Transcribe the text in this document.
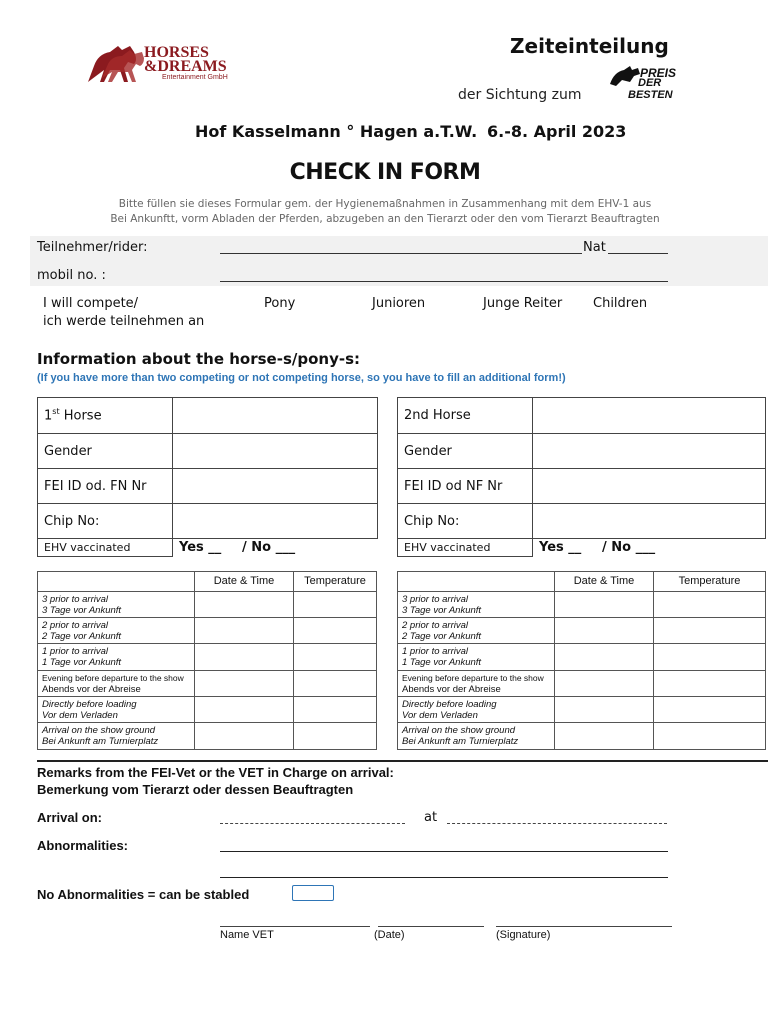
HORSES
&DREAMS
Entertainment GmbH
Zeiteinteilung
der Sichtung zum
PREIS
DER
BESTEN
Hof Kasselmann ° Hagen a.T.W. 6.-8. April 2023
CHECK IN FORM
Bitte füllen sie dieses Formular gem. der Hygienemaßnahmen in Zusammenhang mit dem EHV-1 aus
Bei Ankunftt, vorm Abladen der Pferden, abzugeben an den Tierarzt oder den vom Tierarzt Beauftragten
Teilnehmer/rider:	Nat
mobil no. :
I will compete/
ich werde teilnehmen an
Pony	Junioren	Junge Reiter Children
Information about the horse-s/pony-s:
(If you have more than two competing or not competing horse, so you have to fill an additional form!)
1st Horse	
Gender	
FEI ID od. FN Nr	
Chip No:	
EHV vaccinated	Yes __ / No ___
2nd Horse	
Gender	
FEI ID od NF Nr	
Chip No:	
EHV vaccinated	Yes __ / No ___
	Date & Time	Temperature

3 prior to arrival
3 Tage vor Ankunft		

2 prior to arrival
2 Tage vor Ankunft		

1 prior to arrival
1 Tage vor Ankunft		

Evening before departure to the show
Abends vor der Abreise		

Directly before loading
Vor dem Verladen		

Arrival on the show ground
Bei Ankunft am Turnierplatz		

	Date & Time	Temperature

3 prior to arrival
3 Tage vor Ankunft		

2 prior to arrival
2 Tage vor Ankunft		

1 prior to arrival
1 Tage vor Ankunft		

Evening before departure to the show
Abends vor der Abreise		

Directly before loading
Vor dem Verladen		

Arrival on the show ground
Bei Ankunft am Turnierplatz		

Remarks from the FEI-Vet or the VET in Charge on arrival:
Bemerkung vom Tierarzt oder dessen Beauftragten
Arrival on:	at
Abnormalities:
No Abnormalities = can be stabled
Name VET	(Date)	(Signature)
